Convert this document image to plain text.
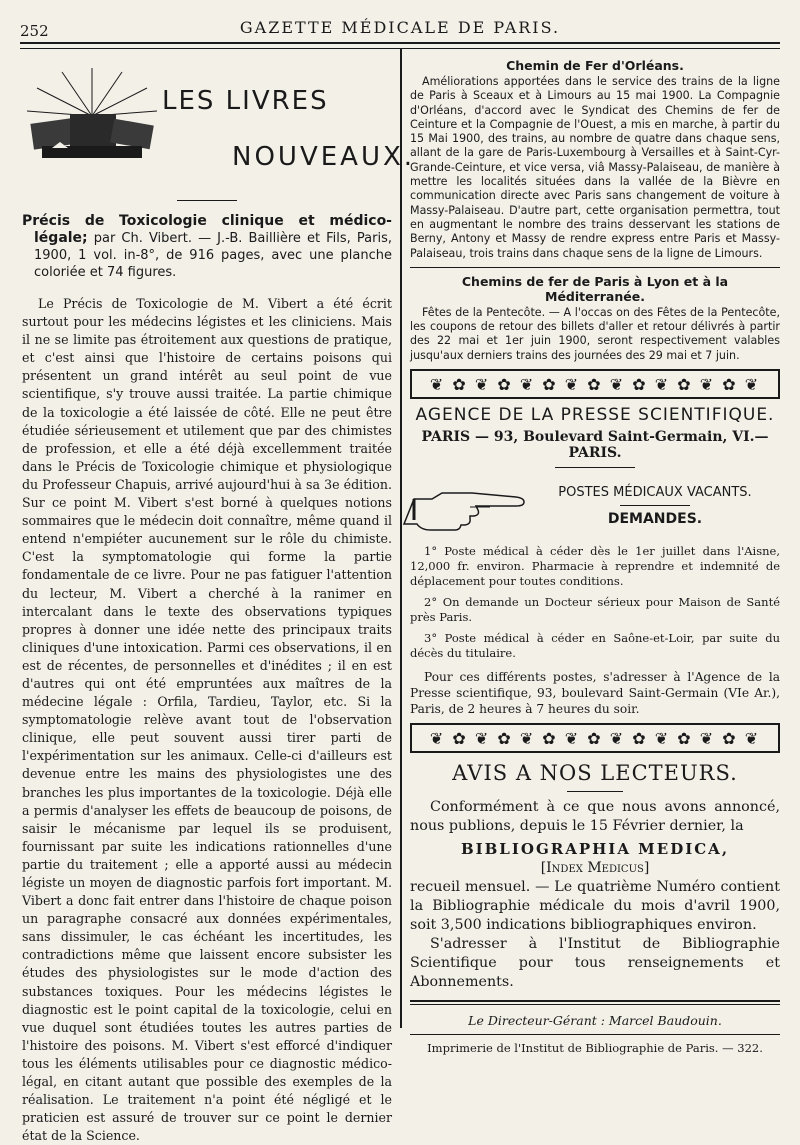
252	GAZETTE MÉDICALE DE PARIS.
LES LIVRES
NOUVEAUX.
Précis de Toxicologie clinique et médico-légale; par Ch. Vibert. — J.-B. Baillière et Fils, Paris, 1900, 1 vol. in-8°, de 916 pages, avec une planche coloriée et 74 figures.
Le Précis de Toxicologie de M. Vibert a été écrit surtout pour les médecins légistes et les cliniciens. Mais il ne se limite pas étroitement aux questions de pratique, et c'est ainsi que l'histoire de certains poisons qui présentent un grand intérêt au seul point de vue scientifique, s'y trouve aussi traitée. La partie chimique de la toxicologie a été laissée de côté. Elle ne peut être étudiée sérieusement et utilement que par des chimistes de profession, et elle a été déjà excellemment traitée dans le Précis de Toxicologie chimique et physiologique du Professeur Chapuis, arrivé aujourd'hui à sa 3e édition. Sur ce point M. Vibert s'est borné à quelques notions sommaires que le médecin doit connaître, même quand il entend n'empiéter aucunement sur le rôle du chimiste. C'est la symptomatologie qui forme la partie fondamentale de ce livre. Pour ne pas fatiguer l'attention du lecteur, M. Vibert a cherché à la ranimer en intercalant dans le texte des observations typiques propres à donner une idée nette des principaux traits cliniques d'une intoxication. Parmi ces observations, il en est de récentes, de personnelles et d'inédites ; il en est d'autres qui ont été empruntées aux maîtres de la médecine légale : Orfila, Tardieu, Taylor, etc. Si la symptomatologie relève avant tout de l'observation clinique, elle peut souvent aussi tirer parti de l'expérimentation sur les animaux. Celle-ci d'ailleurs est devenue entre les mains des physiologistes une des branches les plus importantes de la toxicologie. Déjà elle a permis d'analyser les effets de beaucoup de poisons, de saisir le mécanisme par lequel ils se produisent, fournissant par suite les indications rationnelles d'une partie du traitement ; elle a apporté aussi au médecin légiste un moyen de diagnostic parfois fort important. M. Vibert a donc fait entrer dans l'histoire de chaque poison un paragraphe consacré aux données expérimentales, sans dissimuler, le cas échéant les incertitudes, les contradictions même que laissent encore subsister les études des physiologistes sur le mode d'action des substances toxiques. Pour les médecins légistes le diagnostic est le point capital de la toxicologie, celui en vue duquel sont étudiées toutes les autres parties de l'histoire des poisons. M. Vibert s'est efforcé d'indiquer tous les éléments utilisables pour ce diagnostic médico-légal, en citant autant que possible des exemples de la réalisation. Le traitement n'a point été négligé et le praticien est assuré de trouver sur ce point le dernier état de la Science.
Chemin de Fer d'Orléans.
Améliorations apportées dans le service des trains de la ligne de Paris à Sceaux et à Limours au 15 mai 1900. La Compagnie d'Orléans, d'accord avec le Syndicat des Chemins de fer de Ceinture et la Compagnie de l'Ouest, a mis en marche, à partir du 15 Mai 1900, des trains, au nombre de quatre dans chaque sens, allant de la gare de Paris-Luxembourg à Versailles et à Saint-Cyr-Grande-Ceinture, et vice versa, viâ Massy-Palaiseau, de manière à mettre les localités situées dans la vallée de la Bièvre en communication directe avec Paris sans changement de voiture à Massy-Palaiseau. D'autre part, cette organisation permettra, tout en augmentant le nombre des trains desservant les stations de Berny, Antony et Massy de rendre express entre Paris et Massy-Palaiseau, trois trains dans chaque sens de la ligne de Limours.
Chemins de fer de Paris à Lyon et à la Méditerranée.
Fêtes de la Pentecôte. — A l'occas on des Fêtes de la Pentecôte, les coupons de retour des billets d'aller et retour délivrés à partir des 22 mai et 1er juin 1900, seront respectivement valables jusqu'aux derniers trains des journées des 29 mai et 7 juin.
❦ ✿ ❦ ✿ ❦ ✿ ❦ ✿ ❦ ✿ ❦ ✿ ❦ ✿ ❦
AGENCE DE LA PRESSE SCIENTIFIQUE.
PARIS — 93, Boulevard Saint-Germain, VI.—PARIS.
POSTES MÉDICAUX VACANTS.
DEMANDES.
1° Poste médical à céder dès le 1er juillet dans l'Aisne, 12,000 fr. environ. Pharmacie à reprendre et indemnité de déplacement pour toutes conditions.
2° On demande un Docteur sérieux pour Maison de Santé près Paris.
3° Poste médical à céder en Saône-et-Loir, par suite du décès du titulaire.
Pour ces différents postes, s'adresser à l'Agence de la Presse scientifique, 93, boulevard Saint-Germain (VIe Ar.), Paris, de 2 heures à 7 heures du soir.
❦ ✿ ❦ ✿ ❦ ✿ ❦ ✿ ❦ ✿ ❦ ✿ ❦ ✿ ❦
AVIS A NOS LECTEURS.
Conformément à ce que nous avons annoncé, nous publions, depuis le 15 Février dernier, la
BIBLIOGRAPHIA MEDICA,
[Index Medicus]
recueil mensuel. — Le quatrième Numéro contient la Bibliographie médicale du mois d'avril 1900, soit 3,500 indications bibliographiques environ.
S'adresser à l'Institut de Bibliographie Scientifique pour tous renseignements et Abonnements.
Le Directeur-Gérant : Marcel Baudouin.
Imprimerie de l'Institut de Bibliographie de Paris. — 322.
